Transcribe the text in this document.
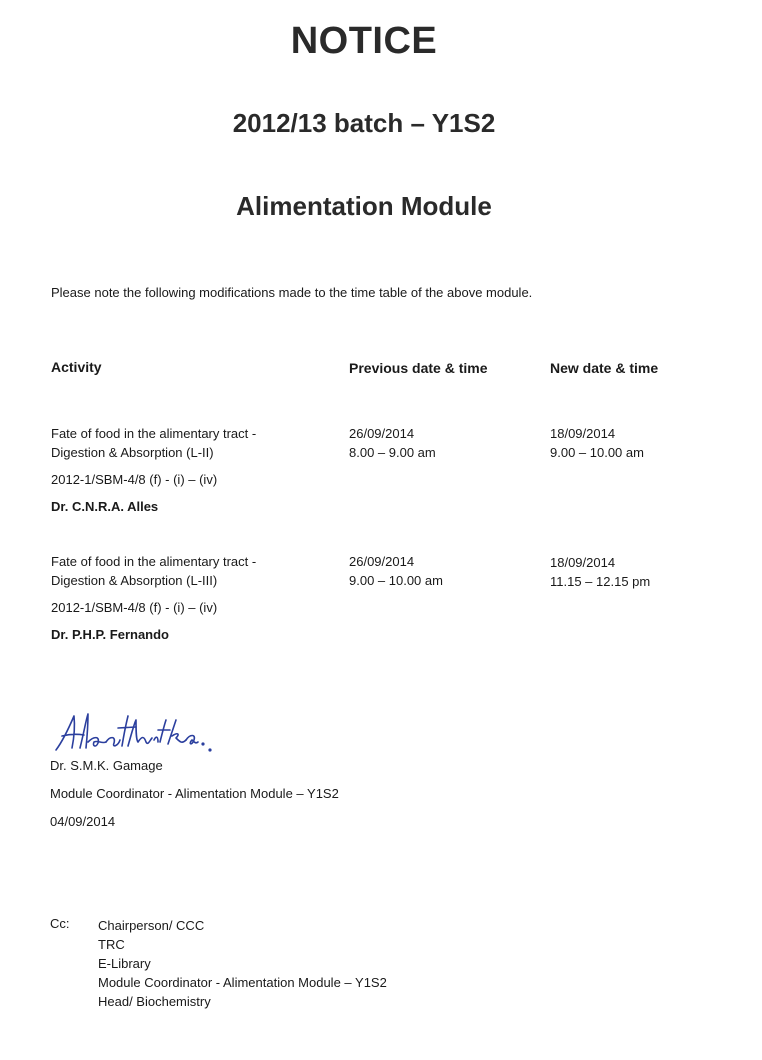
NOTICE
2012/13 batch – Y1S2
Alimentation Module
Please note the following modifications made to the time table of the above module.
Activity	Previous date & time	New date & time
Fate of food in the alimentary tract -
Digestion & Absorption (L-II)
2012-1/SBM-4/8 (f) - (i) – (iv)
Dr. C.N.R.A. Alles
26/09/2014
8.00 – 9.00 am
18/09/2014
9.00 – 10.00 am
Fate of food in the alimentary tract -
Digestion & Absorption (L-III)
2012-1/SBM-4/8 (f) - (i) – (iv)
Dr. P.H.P. Fernando
26/09/2014
9.00 – 10.00 am
18/09/2014
11.15 – 12.15 pm
Dr. S.M.K. Gamage
Module Coordinator - Alimentation Module – Y1S2
04/09/2014
Cc: Chairperson/ CCC
TRC
E-Library
Module Coordinator - Alimentation Module – Y1S2
Head/ Biochemistry
